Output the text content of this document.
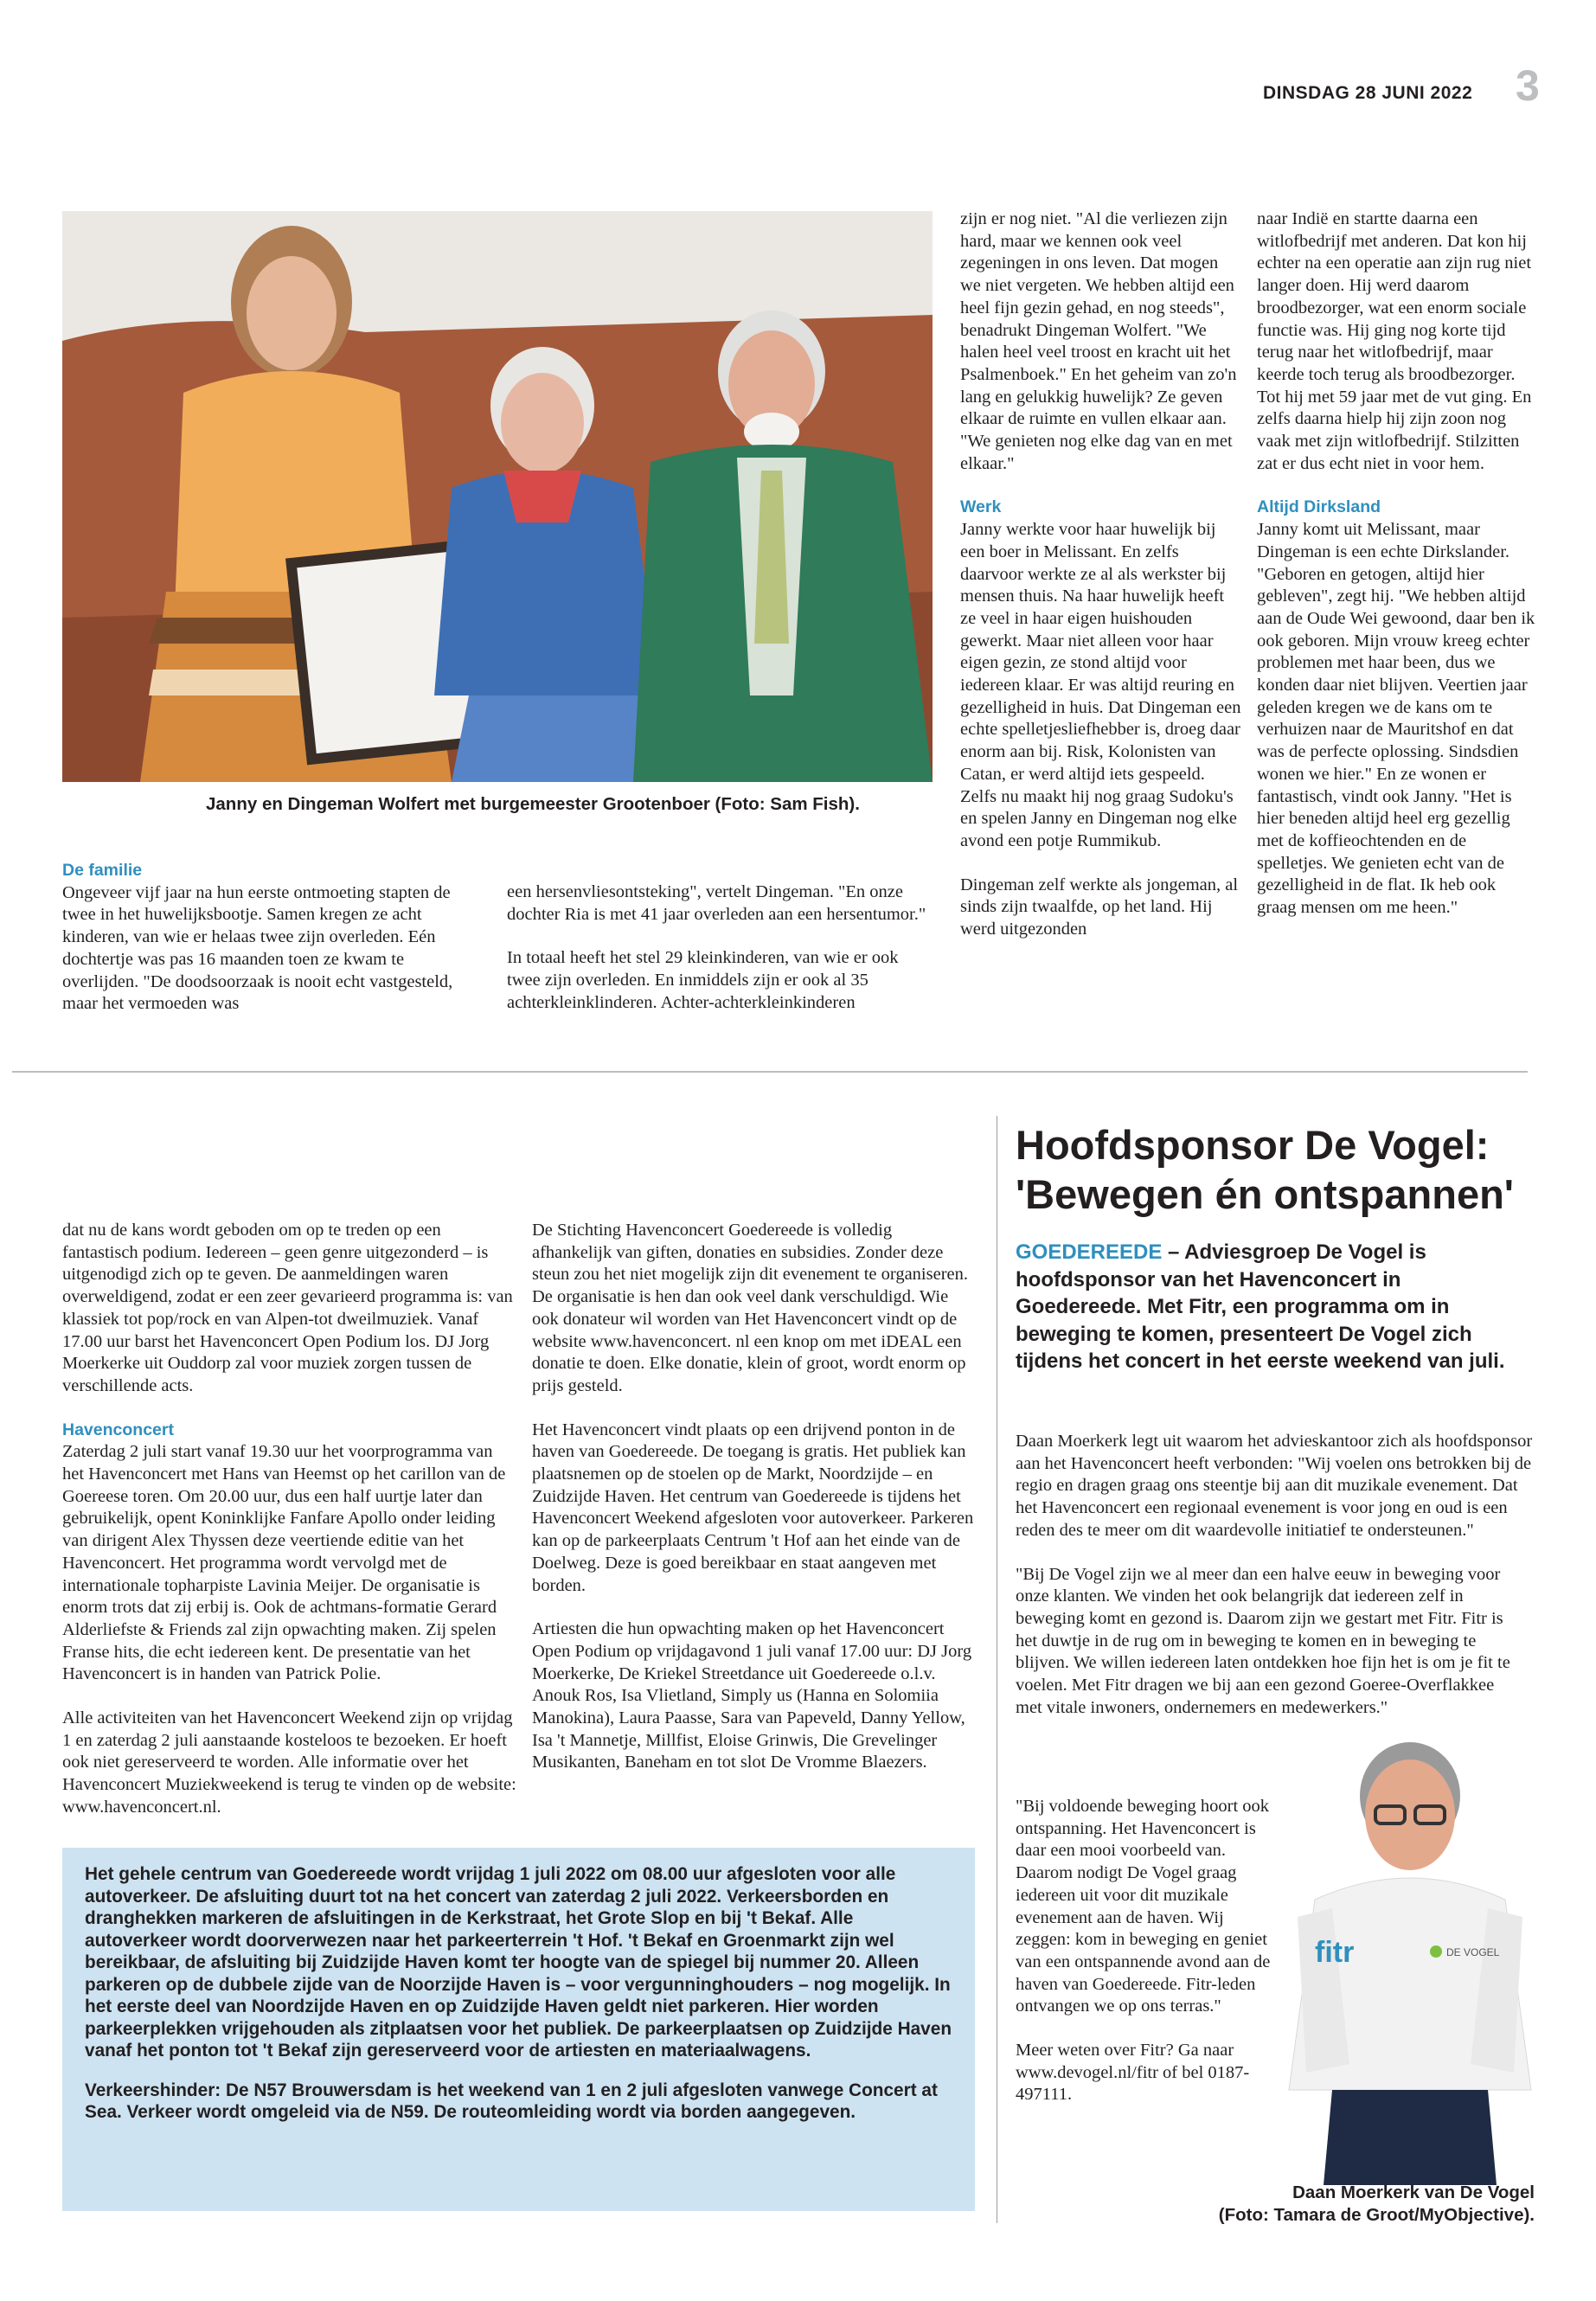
DINSDAG 28 JUNI 2022 3
Janny en Dingeman Wolfert met burgemeester Grootenboer (Foto: Sam Fish).
De familie

Ongeveer vijf jaar na hun eerste ontmoeting stapten de twee in het huwelijksbootje. Samen kregen ze acht kinderen, van wie er helaas twee zijn overleden. Eén dochtertje was pas 16 maanden toen ze kwam te overlijden. "De doodsoorzaak is nooit echt vastgesteld, maar het vermoeden was

een hersenvliesontsteking", vertelt Dingeman. "En onze dochter Ria is met 41 jaar overleden aan een hersentumor."

In totaal heeft het stel 29 kleinkinderen, van wie er ook twee zijn overleden. En inmiddels zijn er ook al 35 achterkleinklinderen. Achter-achterkleinkinderen

zijn er nog niet. "Al die verliezen zijn hard, maar we kennen ook veel zegeningen in ons leven. Dat mogen we niet vergeten. We hebben altijd een heel fijn gezin gehad, en nog steeds", benadrukt Dingeman Wolfert. "We halen heel veel troost en kracht uit het Psalmenboek." En het geheim van zo'n lang en gelukkig huwelijk? Ze geven elkaar de ruimte en vullen elkaar aan. "We genieten nog elke dag van en met elkaar."

Werk

Janny werkte voor haar huwelijk bij een boer in Melissant. En zelfs daarvoor werkte ze al als werkster bij mensen thuis. Na haar huwelijk heeft ze veel in haar eigen huishouden gewerkt. Maar niet alleen voor haar eigen gezin, ze stond altijd voor iedereen klaar. Er was altijd reuring en gezelligheid in huis. Dat Dingeman een echte spelletjesliefhebber is, droeg daar enorm aan bij. Risk, Kolonisten van Catan, er werd altijd iets gespeeld. Zelfs nu maakt hij nog graag Sudoku's en spelen Janny en Dingeman nog elke avond een potje Rummikub.

Dingeman zelf werkte als jongeman, al sinds zijn twaalfde, op het land. Hij werd uitgezonden

naar Indië en startte daarna een witlofbedrijf met anderen. Dat kon hij echter na een operatie aan zijn rug niet langer doen. Hij werd daarom broodbezorger, wat een enorm sociale functie was. Hij ging nog korte tijd terug naar het witlofbedrijf, maar keerde toch terug als broodbezorger. Tot hij met 59 jaar met de vut ging. En zelfs daarna hielp hij zijn zoon nog vaak met zijn witlofbedrijf. Stilzitten zat er dus echt niet in voor hem.

Altijd Dirksland

Janny komt uit Melissant, maar Dingeman is een echte Dirkslander. "Geboren en getogen, altijd hier gebleven", zegt hij. "We hebben altijd aan de Oude Wei gewoond, daar ben ik ook geboren. Mijn vrouw kreeg echter problemen met haar been, dus we konden daar niet blijven. Veertien jaar geleden kregen we de kans om te verhuizen naar de Mauritshof en dat was de perfecte oplossing. Sindsdien wonen we hier." En ze wonen er fantastisch, vindt ook Janny. "Het is hier beneden altijd heel erg gezellig met de koffieochtenden en de spelletjes. We genieten echt van de gezelligheid in de flat. Ik heb ook graag mensen om me heen."

dat nu de kans wordt geboden om op te treden op een fantastisch podium. Iedereen – geen genre uitgezonderd – is uitgenodigd zich op te geven. De aanmeldingen waren overweldigend, zodat er een zeer gevarieerd programma is: van klassiek tot pop/rock en van Alpen-tot dweilmuziek. Vanaf 17.00 uur barst het Havenconcert Open Podium los. DJ Jorg Moerkerke uit Ouddorp zal voor muziek zorgen tussen de verschillende acts.

Havenconcert

Zaterdag 2 juli start vanaf 19.30 uur het voorprogramma van het Havenconcert met Hans van Heemst op het carillon van de Goereese toren. Om 20.00 uur, dus een half uurtje later dan gebruikelijk, opent Koninklijke Fanfare Apollo onder leiding van dirigent Alex Thyssen deze veertiende editie van het Havenconcert. Het programma wordt vervolgd met de internationale topharpiste Lavinia Meijer. De organisatie is enorm trots dat zij erbij is. Ook de achtmans-formatie Gerard Alderliefste & Friends zal zijn opwachting maken. Zij spelen Franse hits, die echt iedereen kent. De presentatie van het Havenconcert is in handen van Patrick Polie.

Alle activiteiten van het Havenconcert Weekend zijn op vrijdag 1 en zaterdag 2 juli aanstaande kosteloos te bezoeken. Er hoeft ook niet gereserveerd te worden. Alle informatie over het Havenconcert Muziekweekend is terug te vinden op de website: www.havenconcert.nl.

De Stichting Havenconcert Goedereede is volledig afhankelijk van giften, donaties en subsidies. Zonder deze steun zou het niet mogelijk zijn dit evenement te organiseren. De organisatie is hen dan ook veel dank verschuldigd. Wie ook donateur wil worden van Het Havenconcert vindt op de website www.havenconcert. nl een knop om met iDEAL een donatie te doen. Elke donatie, klein of groot, wordt enorm op prijs gesteld.

Het Havenconcert vindt plaats op een drijvend ponton in de haven van Goedereede. De toegang is gratis. Het publiek kan plaatsnemen op de stoelen op de Markt, Noordzijde – en Zuidzijde Haven. Het centrum van Goedereede is tijdens het Havenconcert Weekend afgesloten voor autoverkeer. Parkeren kan op de parkeerplaats Centrum 't Hof aan het einde van de Doelweg. Deze is goed bereikbaar en staat aangeven met borden.

Artiesten die hun opwachting maken op het Havenconcert Open Podium op vrijdagavond 1 juli vanaf 17.00 uur: DJ Jorg Moerkerke, De Kriekel Streetdance uit Goedereede o.l.v. Anouk Ros, Isa Vlietland, Simply us (Hanna en Solomiia Manokina), Laura Paasse, Sara van Papeveld, Danny Yellow, Isa 't Mannetje, Millfist, Eloise Grinwis, Die Grevelinger Musikanten, Baneham en tot slot De Vromme Blaezers.

Het gehele centrum van Goedereede wordt vrijdag 1 juli 2022 om 08.00 uur afgesloten voor alle autoverkeer. De afsluiting duurt tot na het concert van zaterdag 2 juli 2022. Verkeersborden en dranghekken markeren de afsluitingen in de Kerkstraat, het Grote Slop en bij 't Bekaf. Alle autoverkeer wordt doorverwezen naar het parkeerterrein 't Hof. 't Bekaf en Groenmarkt zijn wel bereikbaar, de afsluiting bij Zuidzijde Haven komt ter hoogte van de spiegel bij nummer 20. Alleen parkeren op de dubbele zijde van de Noorzijde Haven is – voor vergunninghouders – nog mogelijk. In het eerste deel van Noordzijde Haven en op Zuidzijde Haven geldt niet parkeren. Hier worden parkeerplekken vrijgehouden als zitplaatsen voor het publiek. De parkeerplaatsen op Zuidzijde Haven vanaf het ponton tot 't Bekaf zijn gereserveerd voor de artiesten en materiaalwagens.

Verkeershinder: De N57 Brouwersdam is het weekend van 1 en 2 juli afgesloten vanwege Concert at Sea. Verkeer wordt omgeleid via de N59. De routeomleiding wordt via borden aangegeven.

Hoofdsponsor De Vogel:
'Bewegen én ontspannen'
GOEDEREEDE – Adviesgroep De Vogel is hoofdsponsor van het Havenconcert in Goedereede. Met Fitr, een programma om in beweging te komen, presenteert De Vogel zich tijdens het concert in het eerste weekend van juli.

Daan Moerkerk legt uit waarom het advieskantoor zich als hoofdsponsor aan het Havenconcert heeft verbonden: "Wij voelen ons betrokken bij de regio en dragen graag ons steentje bij aan dit muzikale evenement. Dat het Havenconcert een regionaal evenement is voor jong en oud is een reden des te meer om dit waardevolle initiatief te ondersteunen."

"Bij De Vogel zijn we al meer dan een halve eeuw in beweging voor onze klanten. We vinden het ook belangrijk dat iedereen zelf in beweging komt en gezond is. Daarom zijn we gestart met Fitr. Fitr is het duwtje in de rug om in beweging te komen en in beweging te blijven. We willen iedereen laten ontdekken hoe fijn het is om je fit te voelen. Met Fitr dragen we bij aan een gezond Goeree-Overflakkee met vitale inwoners, ondernemers en medewerkers."

"Bij voldoende beweging hoort ook ontspanning. Het Havenconcert is daar een mooi voorbeeld van. Daarom nodigt De Vogel graag iedereen uit voor dit muzikale evenement aan de haven. Wij zeggen: kom in beweging en geniet van een ontspannende avond aan de haven van Goedereede. Fitr-leden ontvangen we op ons terras."

Meer weten over Fitr? Ga naar www.devogel.nl/fitr of bel 0187-497111.

fitr	DE VOGEL
Daan Moerkerk van De Vogel
(Foto: Tamara de Groot/MyObjective).
